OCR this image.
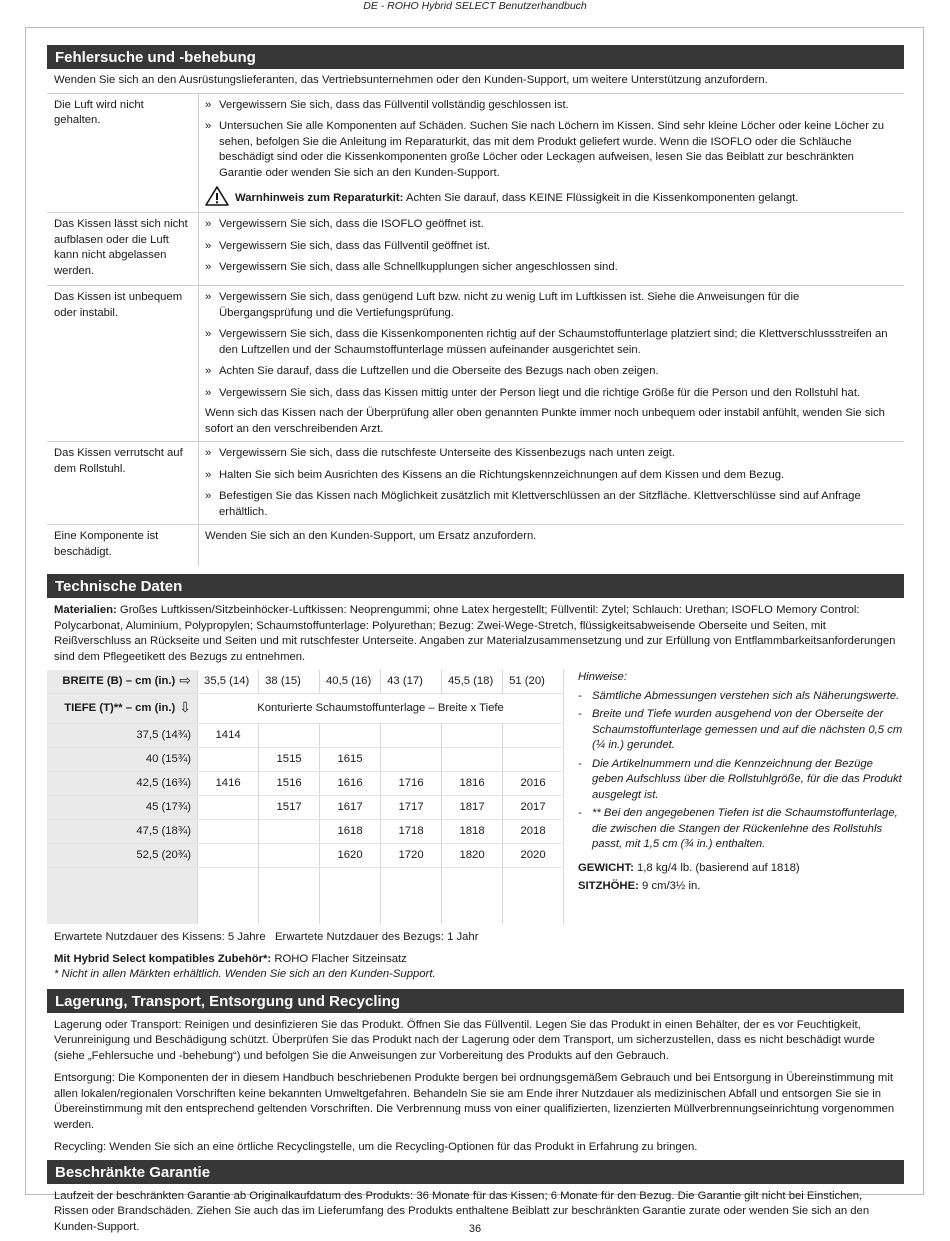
DE - ROHO Hybrid SELECT Benutzerhandbuch
Fehlersuche und -behebung
Wenden Sie sich an den Ausrüstungslieferanten, das Vertriebsunternehmen oder den Kunden-Support, um weitere Unterstützung anzufordern.
Die Luft wird nicht gehalten.
» Vergewissern Sie sich, dass das Füllventil vollständig geschlossen ist.
» Untersuchen Sie alle Komponenten auf Schäden. Suchen Sie nach Löchern im Kissen. Sind sehr kleine Löcher oder keine Löcher zu sehen, befolgen Sie die Anleitung im Reparaturkit, das mit dem Produkt geliefert wurde. Wenn die ISOFLO oder die Schläuche beschädigt sind oder die Kissenkomponenten große Löcher oder Leckagen aufweisen, lesen Sie das Beiblatt zur beschränkten Garantie oder wenden Sie sich an den Kunden-Support.
Warnhinweis zum Reparaturkit: Achten Sie darauf, dass KEINE Flüssigkeit in die Kissenkomponenten gelangt.
Das Kissen lässt sich nicht aufblasen oder die Luft kann nicht abgelassen werden.
» Vergewissern Sie sich, dass die ISOFLO geöffnet ist.
» Vergewissern Sie sich, dass das Füllventil geöffnet ist.
» Vergewissern Sie sich, dass alle Schnellkupplungen sicher angeschlossen sind.
Das Kissen ist unbequem oder instabil.
» Vergewissern Sie sich, dass genügend Luft bzw. nicht zu wenig Luft im Luftkissen ist. Siehe die Anweisungen für die Übergangsprüfung und die Vertiefungsprüfung.
» Vergewissern Sie sich, dass die Kissenkomponenten richtig auf der Schaumstoffunterlage platziert sind; die Klettverschlussstreifen an den Luftzellen und der Schaumstoffunterlage müssen aufeinander ausgerichtet sein.
» Achten Sie darauf, dass die Luftzellen und die Oberseite des Bezugs nach oben zeigen.
» Vergewissern Sie sich, dass das Kissen mittig unter der Person liegt und die richtige Größe für die Person und den Rollstuhl hat.
Wenn sich das Kissen nach der Überprüfung aller oben genannten Punkte immer noch unbequem oder instabil anfühlt, wenden Sie sich sofort an den verschreibenden Arzt.
Das Kissen verrutscht auf dem Rollstuhl.
» Vergewissern Sie sich, dass die rutschfeste Unterseite des Kissenbezugs nach unten zeigt.
» Halten Sie sich beim Ausrichten des Kissens an die Richtungskennzeichnungen auf dem Kissen und dem Bezug.
» Befestigen Sie das Kissen nach Möglichkeit zusätzlich mit Klettverschlüssen an der Sitzfläche. Klettverschlüsse sind auf Anfrage erhältlich.
Eine Komponente ist beschädigt.
Wenden Sie sich an den Kunden-Support, um Ersatz anzufordern.
Technische Daten
Materialien: Großes Luftkissen/Sitzbeinhöcker-Luftkissen: Neoprengummi; ohne Latex hergestellt; Füllventil: Zytel; Schlauch: Urethan; ISOFLO Memory Control: Polycarbonat, Aluminium, Polypropylen; Schaumstoffunterlage: Polyurethan; Bezug: Zwei-Wege-Stretch, flüssigkeitsabweisende Oberseite und Seiten, mit Reißverschluss an Rückseite und Seiten und mit rutschfester Unterseite. Angaben zur Materialzusammensetzung und zur Erfüllung von Entflammbarkeitsanforderungen sind dem Pflegeetikett des Bezugs zu entnehmen.
BREITE (B) – cm (in.) ⇨	35,5 (14)	38 (15)	40,5 (16)	43 (17)	45,5 (18)	51 (20)
TIEFE (T)** – cm (in.) ⇩	Konturierte Schaumstoffunterlage – Breite x Tiefe					
37,5 (14¾)	1414					
40 (15¾)		1515	1615			
42,5 (16¾)	1416	1516	1616	1716	1816	2016
45 (17¾)		1517	1617	1717	1817	2017
47,5 (18¾)			1618	1718	1818	2018
52,5 (20¾)			1620	1720	1820	2020

Hinweise:
- Sämtliche Abmessungen verstehen sich als Näherungswerte.
- Breite und Tiefe wurden ausgehend von der Oberseite der Schaumstoffunterlage gemessen und auf die nächsten 0,5 cm (¼ in.) gerundet.
- Die Artikelnummern und die Kennzeichnung der Bezüge geben Aufschluss über die Rollstuhlgröße, für die das Produkt ausgelegt ist.
- ** Bei den angegebenen Tiefen ist die Schaumstoffunterlage, die zwischen die Stangen der Rückenlehne des Rollstuhls passt, mit 1,5 cm (¾ in.) enthalten.
GEWICHT: 1,8 kg/4 lb. (basierend auf 1818)
SITZHÖHE: 9 cm/3½ in.
Erwartete Nutzdauer des Kissens: 5 Jahre   Erwartete Nutzdauer des Bezugs: 1 Jahr
Mit Hybrid Select kompatibles Zubehör*: ROHO Flacher Sitzeinsatz
* Nicht in allen Märkten erhältlich. Wenden Sie sich an den Kunden-Support.
Lagerung, Transport, Entsorgung und Recycling
Lagerung oder Transport: Reinigen und desinfizieren Sie das Produkt. Öffnen Sie das Füllventil. Legen Sie das Produkt in einen Behälter, der es vor Feuchtigkeit, Verunreinigung und Beschädigung schützt. Überprüfen Sie das Produkt nach der Lagerung oder dem Transport, um sicherzustellen, dass es nicht beschädigt wurde (siehe „Fehlersuche und -behebung“) und befolgen Sie die Anweisungen zur Vorbereitung des Produkts auf den Gebrauch.
Entsorgung: Die Komponenten der in diesem Handbuch beschriebenen Produkte bergen bei ordnungsgemäßem Gebrauch und bei Entsorgung in Übereinstimmung mit allen lokalen/regionalen Vorschriften keine bekannten Umweltgefahren. Behandeln Sie sie am Ende ihrer Nutzdauer als medizinischen Abfall und entsorgen Sie sie in Übereinstimmung mit den entsprechend geltenden Vorschriften. Die Verbrennung muss von einer qualifizierten, lizenzierten Müllverbrennungseinrichtung vorgenommen werden.
Recycling: Wenden Sie sich an eine örtliche Recyclingstelle, um die Recycling-Optionen für das Produkt in Erfahrung zu bringen.
Beschränkte Garantie
Laufzeit der beschränkten Garantie ab Originalkaufdatum des Produkts: 36 Monate für das Kissen; 6 Monate für den Bezug. Die Garantie gilt nicht bei Einstichen, Rissen oder Brandschäden. Ziehen Sie auch das im Lieferumfang des Produkts enthaltene Beiblatt zur beschränkten Garantie zurate oder wenden Sie sich an den Kunden-Support.	36
